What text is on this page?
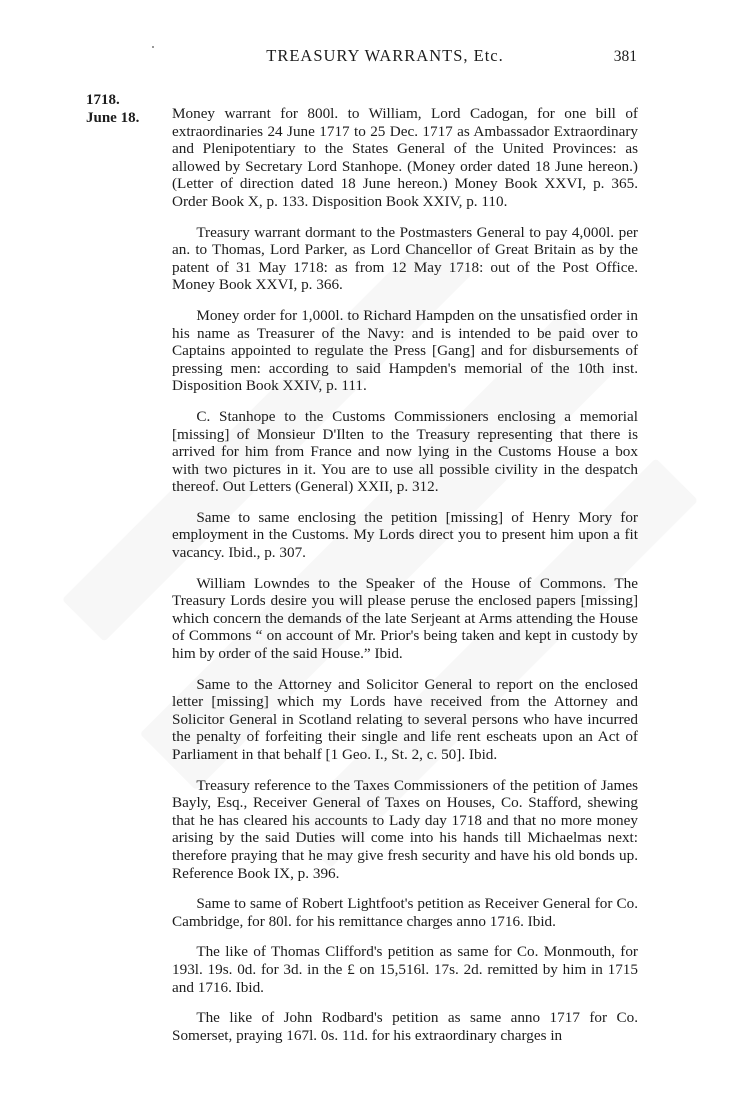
TREASURY WARRANTS, Etc.	381
1718.
June 18. Money warrant for 800l. to William, Lord Cadogan, for one bill of extraordinaries 24 June 1717 to 25 Dec. 1717 as Ambassador Extraordinary and Plenipotentiary to the States General of the United Provinces: as allowed by Secretary Lord Stanhope. (Money order dated 18 June hereon.) (Letter of direction dated 18 June hereon.) Money Book XXVI, p. 365. Order Book X, p. 133. Disposition Book XXIV, p. 110.

Treasury warrant dormant to the Postmasters General to pay 4,000l. per an. to Thomas, Lord Parker, as Lord Chancellor of Great Britain as by the patent of 31 May 1718: as from 12 May 1718: out of the Post Office. Money Book XXVI, p. 366.

Money order for 1,000l. to Richard Hampden on the unsatisfied order in his name as Treasurer of the Navy: and is intended to be paid over to Captains appointed to regulate the Press [Gang] and for disbursements of pressing men: according to said Hampden's memorial of the 10th inst. Disposition Book XXIV, p. 111.

C. Stanhope to the Customs Commissioners enclosing a memorial [missing] of Monsieur D'Ilten to the Treasury representing that there is arrived for him from France and now lying in the Customs House a box with two pictures in it. You are to use all possible civility in the despatch thereof. Out Letters (General) XXII, p. 312.

Same to same enclosing the petition [missing] of Henry Mory for employment in the Customs. My Lords direct you to present him upon a fit vacancy. Ibid., p. 307.

William Lowndes to the Speaker of the House of Commons. The Treasury Lords desire you will please peruse the enclosed papers [missing] which concern the demands of the late Serjeant at Arms attending the House of Commons “ on account of Mr. Prior's being taken and kept in custody by him by order of the said House.” Ibid.

Same to the Attorney and Solicitor General to report on the enclosed letter [missing] which my Lords have received from the Attorney and Solicitor General in Scotland relating to several persons who have incurred the penalty of forfeiting their single and life rent escheats upon an Act of Parliament in that behalf [1 Geo. I., St. 2, c. 50]. Ibid.

Treasury reference to the Taxes Commissioners of the petition of James Bayly, Esq., Receiver General of Taxes on Houses, Co. Stafford, shewing that he has cleared his accounts to Lady day 1718 and that no more money arising by the said Duties will come into his hands till Michaelmas next: therefore praying that he may give fresh security and have his old bonds up. Reference Book IX, p. 396.

Same to same of Robert Lightfoot's petition as Receiver General for Co. Cambridge, for 80l. for his remittance charges anno 1716. Ibid.

The like of Thomas Clifford's petition as same for Co. Monmouth, for 193l. 19s. 0d. for 3d. in the £ on 15,516l. 17s. 2d. remitted by him in 1715 and 1716. Ibid.

The like of John Rodbard's petition as same anno 1717 for Co. Somerset, praying 167l. 0s. 11d. for his extraordinary charges in
